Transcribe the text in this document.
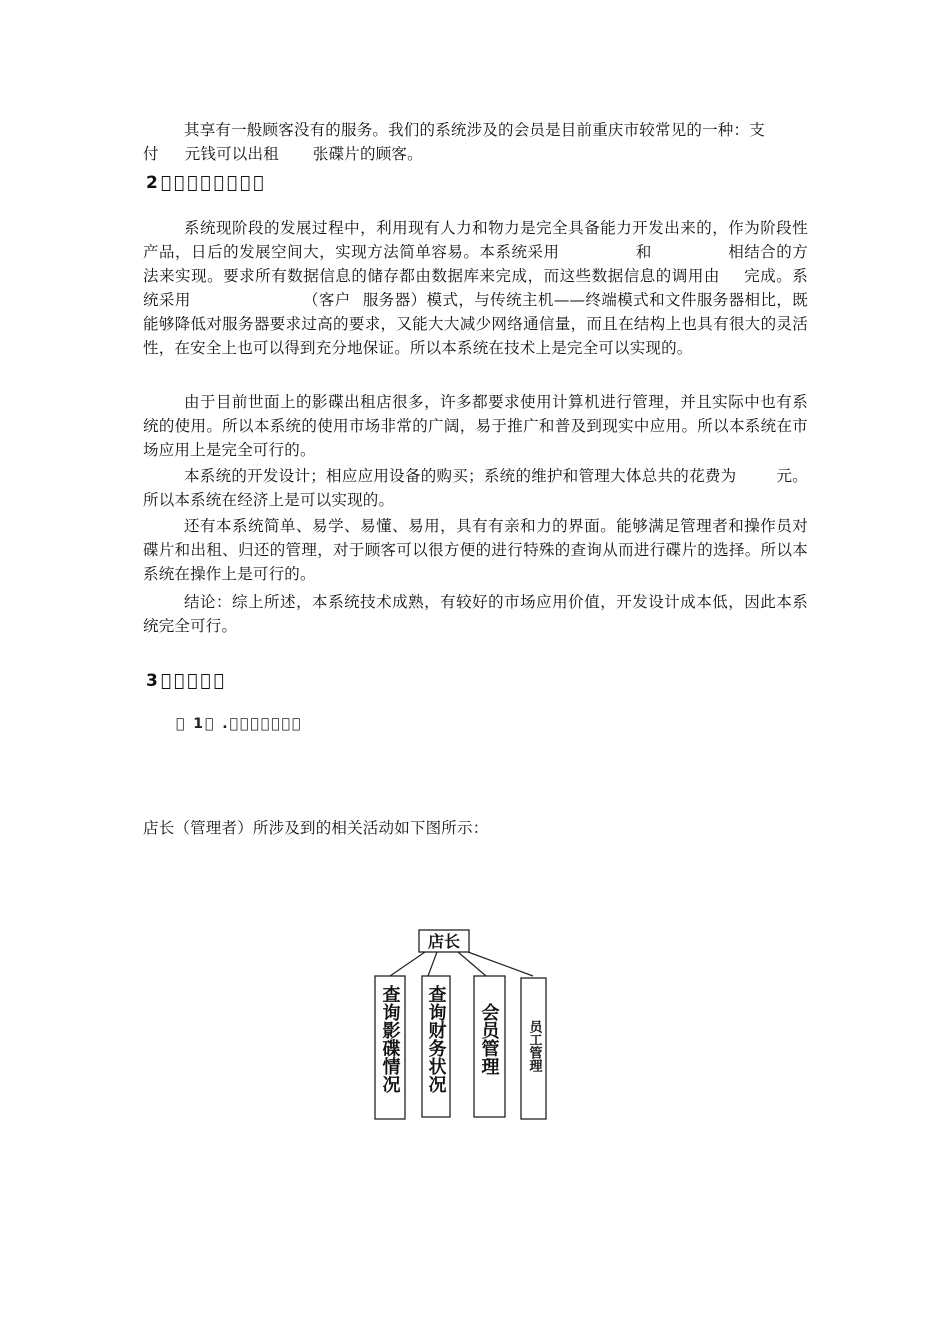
其享有一般顾客没有的服务。我们的系统涉及的会员是目前重庆市较常见的一种：支
付 元钱可以出租 张碟片的顾客。

2        

系统现阶段的发展过程中，利用现有人力和物力是完全具备能力开发出来的，作为阶段性产品，日后的发展空间大，实现方法简单容易。本系统采用	和	相结合的方法来实现。要求所有数据信息的储存都由数据库来完成，而这些数据信息的调用由 完成。系统采用	（客户 服务器）模式，与传统主机——终端模式和文件服务器相比，既能够降低对服务器要求过高的要求，又能大大减少网络通信量，而且在结构上也具有很大的灵活性，在安全上也可以得到充分地保证。所以本系统在技术上是完全可以实现的。

由于目前世面上的影碟出租店很多，许多都要求使用计算机进行管理，并且实际中也有系统的使用。所以本系统的使用市场非常的广阔，易于推广和普及到现实中应用。所以本系统在市场应用上是完全可行的。

本系统的开发设计；相应应用设备的购买；系统的维护和管理大体总共的花费为	元。所以本系统在经济上是可以实现的。

还有本系统简单、易学、易懂、易用，具有有亲和力的界面。能够满足管理者和操作员对碟片和出租、归还的管理，对于顾客可以很方便的进行特殊的查询从而进行碟片的选择。所以本系统在操作上是可行的。

结论：综上所述，本系统技术成熟，有较好的市场应用价值，开发设计成本低，因此本系统完全可行。

3     
  1  .       

店长（管理者）所涉及到的相关活动如下图所示：

店长
查询影碟情况 查询财务状况 会员管理 员工管理
